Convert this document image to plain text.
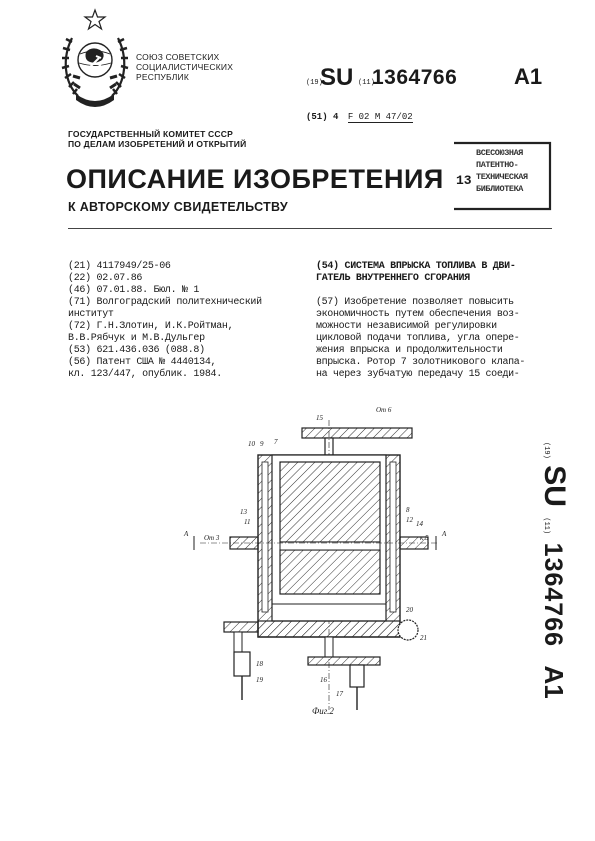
СОЮЗ СОВЕТСКИХ
СОЦИАЛИСТИЧЕСКИХ
РЕСПУБЛИК
(19)
SU (11)
1364766	A1
(51) 4 F 02 M 47/02
ГОСУДАРСТВЕННЫЙ КОМИТЕТ СССР
ПО ДЕЛАМ ИЗОБРЕТЕНИЙ И ОТКРЫТИЙ
13
ВСЕСОЮЗНАЯ
ПАТЕНТНО-
ТЕХНИЧЕСКАЯ
БИБЛИОТЕКА
ОПИСАНИЕ ИЗОБРЕТЕНИЯ
К АВТОРСКОМУ СВИДЕТЕЛЬСТВУ
(21) 4117949/25-06
(22) 02.07.86
(46) 07.01.88. Бюл. № 1
(71) Волгоградский политехнический
институт
(72) Г.Н.Злотин, И.К.Ройтман,
В.В.Рябчук и М.В.Дульгер
(53) 621.436.036 (088.8)
(56) Патент США № 4440134,
кл. 123/447, опублик. 1984.
(54) СИСТЕМА ВПРЫСКА ТОПЛИВА В ДВИ-
ГАТЕЛЬ ВНУТРЕННЕГО СГОРАНИЯ
(57) Изобретение позволяет повысить
экономичность путем обеспечения воз-
можности независимой регулировки
цикловой подачи топлива, угла опере-
жения впрыска и продолжительности
впрыска. Ротор 7 золотникового клапа-
на через зубчатую передачу 15 соеди-
(19) SU (11) 1364766 A1
От 6
15
10 9 7
8
12 14
13
11
A От 3	к 5 A
20
21
18
19	16
17
Фиг.2
